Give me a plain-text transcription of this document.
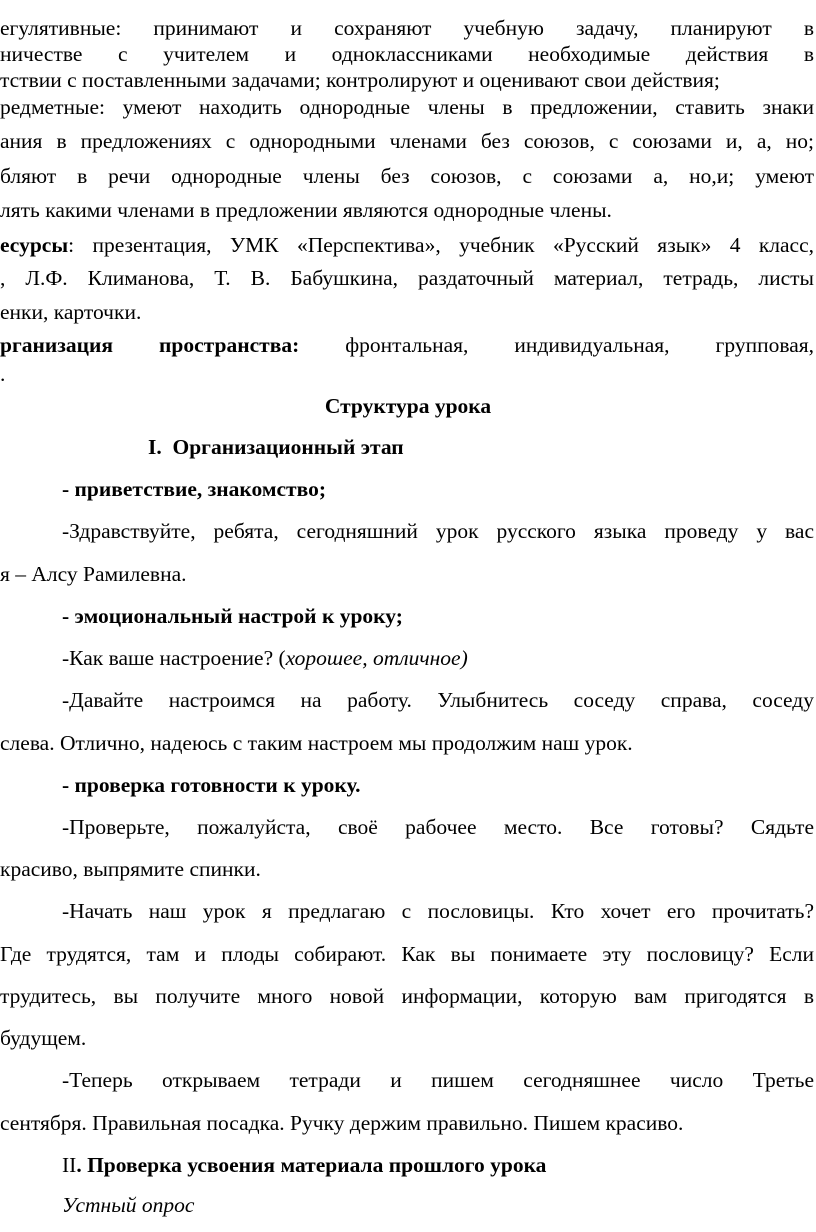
егулятивные: принимают и сохраняют учебную задачу, планируют в
ничестве с учителем и одноклассниками необходимые действия в
тствии с поставленными задачами; контролируют и оценивают свои действия;
редметные: умеют находить однородные члены в предложении, ставить знаки
ания в предложениях с однородными членами без союзов, с союзами и, а, но;
бляют в речи однородные члены без союзов, с союзами а, но,и; умеют
лять какими членами в предложении являются однородные члены.
есурсы: презентация, УМК «Перспектива», учебник «Русский язык» 4 класс,
, Л.Ф. Климанова, Т. В. Бабушкина, раздаточный материал, тетрадь, листы
енки, карточки.
рганизация пространства: фронтальная, индивидуальная, групповая,
.
Структура урока
I. Организационный этап
- приветствие, знакомство;
-Здравствуйте, ребята, сегодняшний урок русского языка проведу у вас
я – Алсу Рамилевна.
- эмоциональный настрой к уроку;
-Как ваше настроение? (хорошее, отличное)
-Давайте настроимся на работу. Улыбнитесь соседу справа, соседу
слева. Отлично, надеюсь с таким настроем мы продолжим наш урок.
- проверка готовности к уроку.
-Проверьте, пожалуйста, своё рабочее место. Все готовы? Сядьте
красиво, выпрямите спинки.
-Начать наш урок я предлагаю с пословицы. Кто хочет его прочитать?
Где трудятся, там и плоды собирают. Как вы понимаете эту пословицу? Если
трудитесь, вы получите много новой информации, которую вам пригодятся в
будущем.
-Теперь открываем тетради и пишем сегодняшнее число Третье
сентября. Правильная посадка. Ручку держим правильно. Пишем красиво.
II. Проверка усвоения материала прошлого урока
Устный опрос
